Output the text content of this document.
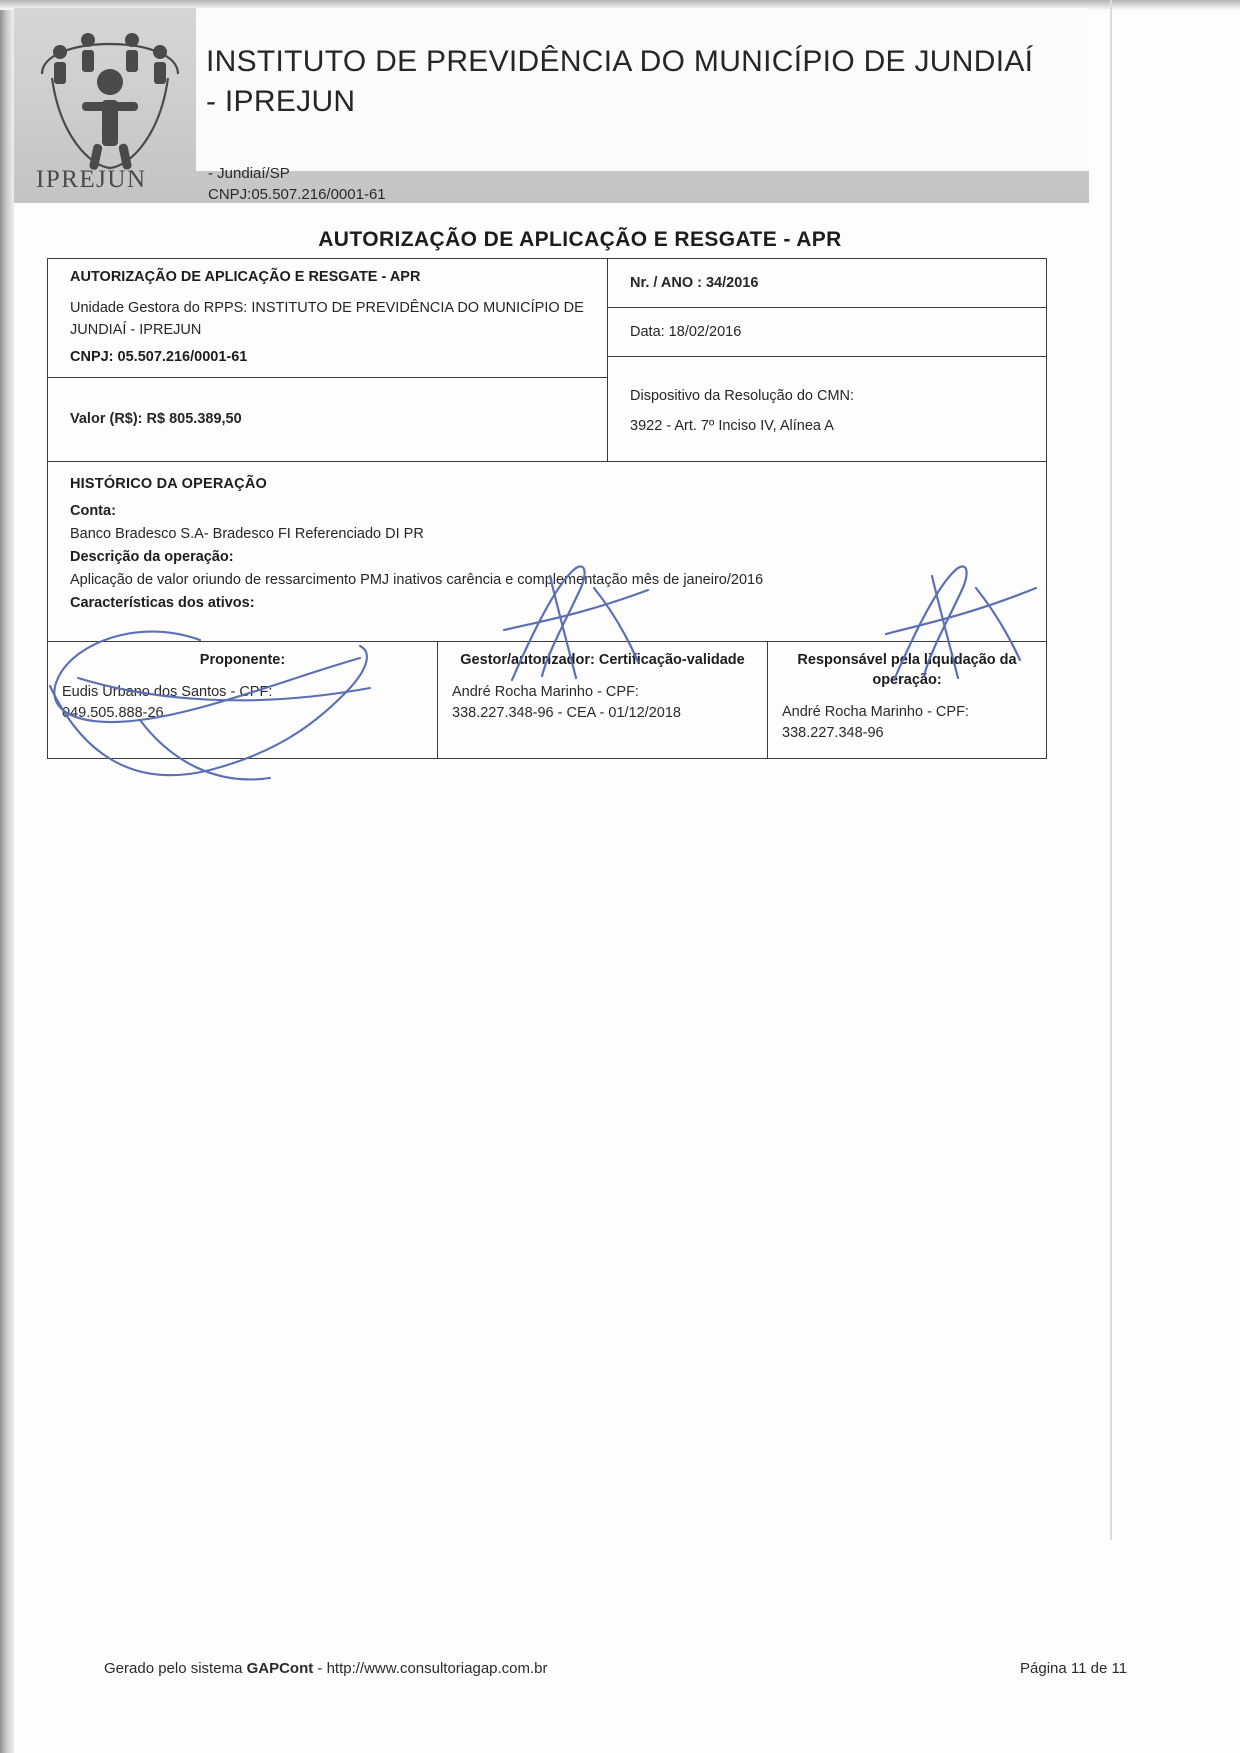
IPREJUN
INSTITUTO DE PREVIDÊNCIA DO MUNICÍPIO DE JUNDIAÍ - IPREJUN
- Jundiaí/SP
CNPJ:05.507.216/0001-61
AUTORIZAÇÃO DE APLICAÇÃO E RESGATE - APR
AUTORIZAÇÃO DE APLICAÇÃO E RESGATE - APR
Unidade Gestora do RPPS: INSTITUTO DE PREVIDÊNCIA DO MUNICÍPIO DE JUNDIAÍ - IPREJUN
CNPJ: 05.507.216/0001-61
Nr. / ANO : 34/2016
Data: 18/02/2016
Valor (R$): R$ 805.389,50
Dispositivo da Resolução do CMN:
3922 - Art. 7º Inciso IV, Alínea A
HISTÓRICO DA OPERAÇÃO
Conta:
Banco Bradesco S.A- Bradesco FI Referenciado DI PR
Descrição da operação:
Aplicação de valor oriundo de ressarcimento PMJ inativos carência e complementação mês de janeiro/2016
Características dos ativos:
Proponente:
Eudis Urbano dos Santos - CPF:
049.505.888-26
Gestor/autorizador: Certificação-validade
André Rocha Marinho - CPF:
338.227.348-96 - CEA - 01/12/2018
Responsável pela liquidação da operação:
André Rocha Marinho - CPF:
338.227.348-96
Gerado pelo sistema GAPCont - http://www.consultoriagap.com.br	Página 11 de 11
